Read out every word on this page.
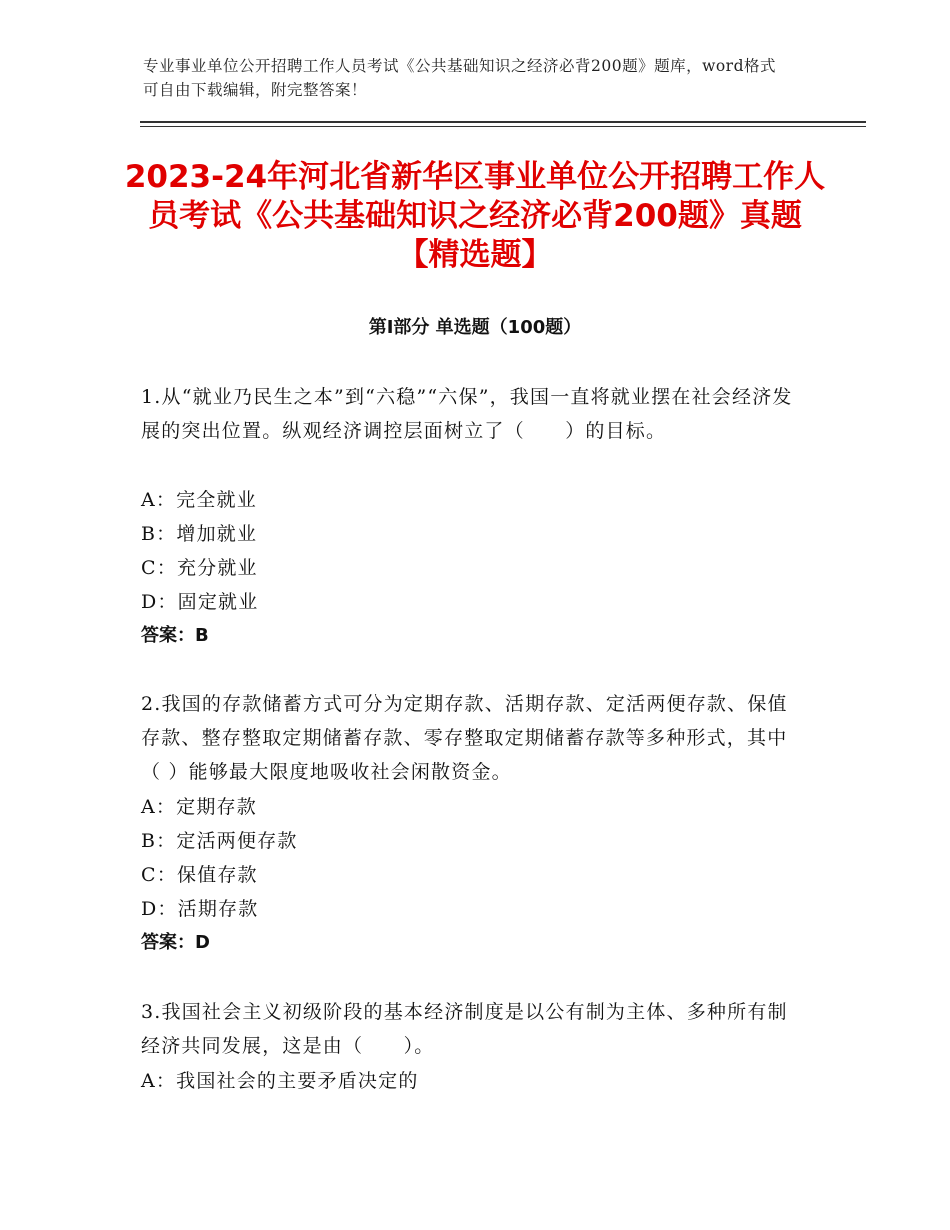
专业事业单位公开招聘工作人员考试《公共基础知识之经济必背200题》题库，word格式可自由下载编辑，附完整答案！
2023-24年河北省新华区事业单位公开招聘工作人员考试《公共基础知识之经济必背200题》真题【精选题】
第I部分 单选题（100题）

1.从“就业乃民生之本”到“六稳”“六保”，我国一直将就业摆在社会经济发展的突出位置。纵观经济调控层面树立了（　　）的目标。

A：完全就业

B：增加就业

C：充分就业

D：固定就业

答案：B

2.我国的存款储蓄方式可分为定期存款、活期存款、定活两便存款、保值存款、整存整取定期储蓄存款、零存整取定期储蓄存款等多种形式，其中（ ）能够最大限度地吸收社会闲散资金。

A：定期存款

B：定活两便存款

C：保值存款

D：活期存款

答案：D

3.我国社会主义初级阶段的基本经济制度是以公有制为主体、多种所有制经济共同发展，这是由（　　）。

A：我国社会的主要矛盾决定的
